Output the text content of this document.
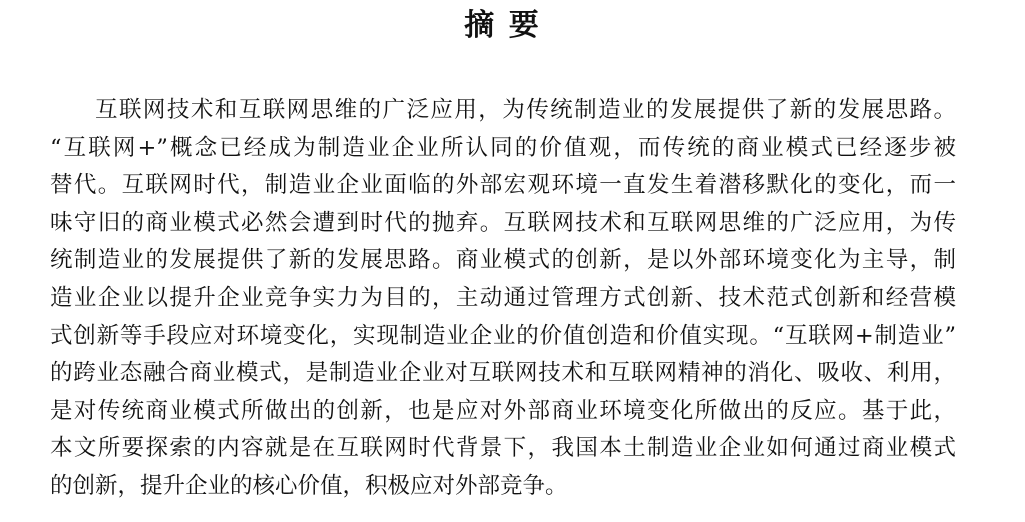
摘 要
互联网技术和互联网思维的广泛应用，为传统制造业的发展提供了新的发展思路。
“互联网+”概念已经成为制造业企业所认同的价值观，而传统的商业模式已经逐步被
替代。互联网时代，制造业企业面临的外部宏观环境一直发生着潜移默化的变化，而一
味守旧的商业模式必然会遭到时代的抛弃。互联网技术和互联网思维的广泛应用，为传
统制造业的发展提供了新的发展思路。商业模式的创新，是以外部环境变化为主导，制
造业企业以提升企业竞争实力为目的，主动通过管理方式创新、技术范式创新和经营模
式创新等手段应对环境变化，实现制造业企业的价值创造和价值实现。“互联网+制造业”
的跨业态融合商业模式，是制造业企业对互联网技术和互联网精神的消化、吸收、利用，
是对传统商业模式所做出的创新，也是应对外部商业环境变化所做出的反应。基于此，
本文所要探索的内容就是在互联网时代背景下，我国本土制造业企业如何通过商业模式
的创新，提升企业的核心价值，积极应对外部竞争。
